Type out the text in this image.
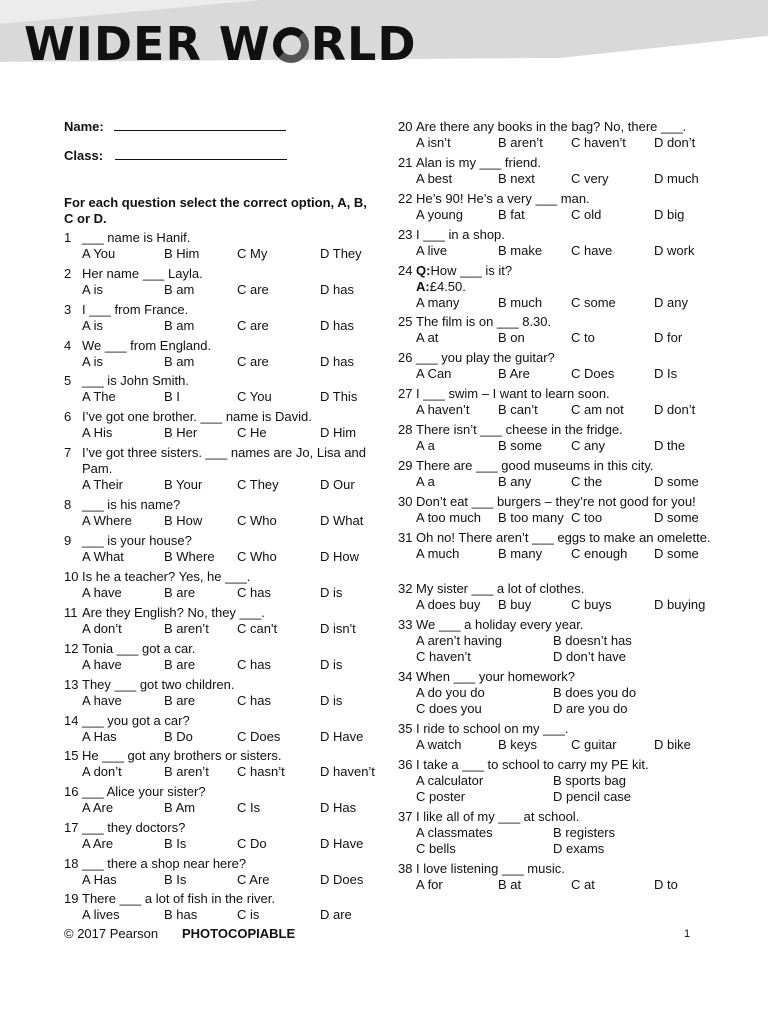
WIDER W RLD
Name:
Class:
For each question select the correct option, A, B, C or D.
1 ___ name is Hanif.
A You	B Him	C My	D They
2 Her name ___ Layla.
A is	B am	C are	D has
3 I ___ from France.
A is	B am	C are	D has
4 We ___ from England.
A is	B am	C are	D has
5 ___ is John Smith.
A The	B I	C You	D This
6 I’ve got one brother. ___ name is David.
A His	B Her	C He	D Him
7 I’ve got three sisters. ___ names are Jo, Lisa and Pam.
A Their	B Your	C They	D Our
8 ___ is his name?
A Where B How	C Who	D What
9 ___ is your house?
A What	B Where C Who	D How
10 Is he a teacher? Yes, he ___.
A have	B are	C has	D is
11 Are they English? No, they ___.
A don’t	B aren’t C can't	D isn't
12 Tonia ___ got a car.
A have	B are	C has	D is
13 They ___ got two children.
A have	B are	C has	D is
14 ___ you got a car?
A Has	B Do	C Does	D Have
15 He ___ got any brothers or sisters.
A don’t	B aren’t C hasn’t	D haven’t
16 ___ Alice your sister?
A Are	B Am	C Is	D Has
17 ___ they doctors?
A Are	B Is	C Do	D Have
18 ___ there a shop near here?
A Has	B Is	C Are	D Does
19 There ___ a lot of fish in the river.
A lives	B has	C is	D are
20 Are there any books in the bag? No, there ___.
A isn’t	B aren’t C haven’t D don’t
21 Alan is my ___ friend.
A best	B next	C very	D much
22 He’s 90! He’s a very ___ man.
A young	B fat	C old	D big
23 I ___ in a shop.
A live	B make C have	D work
24 Q:How ___ is it?
A:£4.50.
A many	B much C some	D any
25 The film is on ___ 8.30.
A at	B on	C to	D for
26 ___ you play the guitar?
A Can	B Are	C Does	D Is
27 I ___ swim – I want to learn soon.
A haven’t B can’t	C am not D don’t
28 There isn’t ___ cheese in the fridge.
A a	B some C any	D the
29 There are ___ good museums in this city.
A a	B any	C the	D some
30 Don’t eat ___ burgers – they’re not good for you!
A too much B too many C too	D some
31 Oh no! There aren’t ___ eggs to make an omelette.
A much	B many C enough D some
32 My sister ___ a lot of clothes.
A does buy B buy	C buys	D buying
33 We ___ a holiday every year.
A aren’t having	B doesn’t has
C haven’t	D don’t have
34 When ___ your homework?
A do you do	B does you do
C does you	D are you do
35 I ride to school on my ___.
A watch	B keys	C guitar	D bike
36 I take a ___ to school to carry my PE kit.
A calculator	B sports bag
C poster	D pencil case
37 I like all of my ___ at school.
A classmates	B registers
C bells	D exams
38 I love listening ___ music.
A for	B at	C at	D to
© 2017 Pearson PHOTOCOPIABLE	1
